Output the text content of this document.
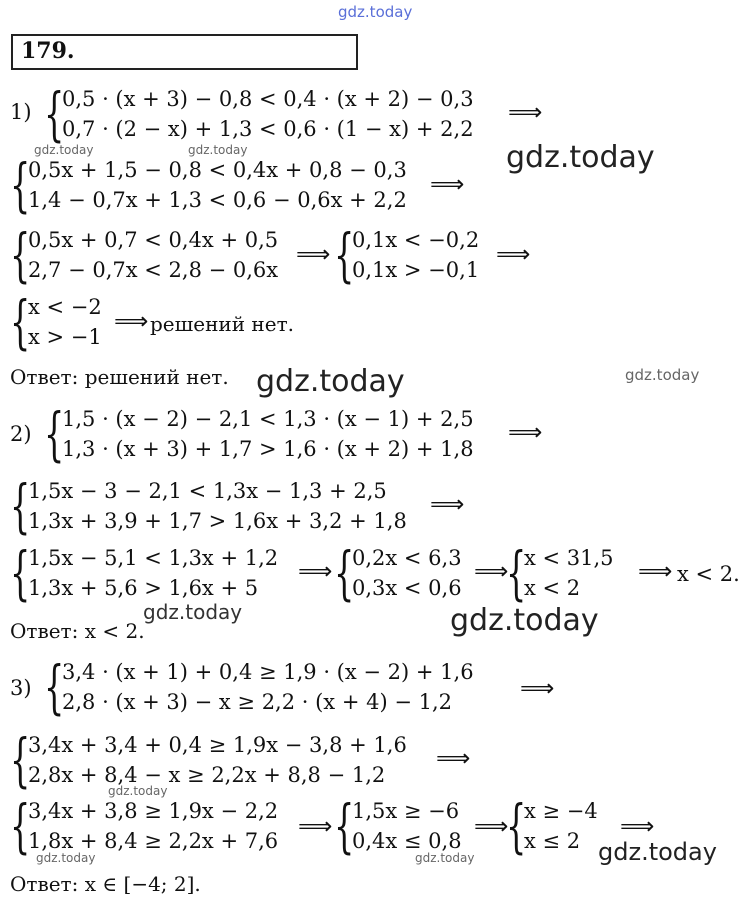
gdz.today
179.
1) {
0,5 · (x + 3) − 0,8 < 0,4 · (x + 2) − 0,3
0,7 · (2 − x) + 1,3 < 0,6 · (1 − x) + 2,2
⟹
gdz.today	gdz.today	gdz.today
{
0,5x + 1,5 − 0,8 < 0,4x + 0,8 − 0,3
1,4 − 0,7x + 1,3 < 0,6 − 0,6x + 2,2
⟹
{
0,5x + 0,7 < 0,4x + 0,5
2,7 − 0,7x < 2,8 − 0,6x
⟹ {
0,1x < −0,2
0,1x > −0,1
⟹
{
x < −2
x > −1
⟹ решений нет.
Ответ: решений нет. gdz.today	gdz.today
2) {
1,5 · (x − 2) − 2,1 < 1,3 · (x − 1) + 2,5
1,3 · (x + 3) + 1,7 > 1,6 · (x + 2) + 1,8
⟹
{
1,5x − 3 − 2,1 < 1,3x − 1,3 + 2,5
1,3x + 3,9 + 1,7 > 1,6x + 3,2 + 1,8
⟹
{
1,5x − 5,1 < 1,3x + 1,2
1,3x + 5,6 > 1,6x + 5
⟹ {
0,2x < 6,3
0,3x < 0,6
⟹
{
x < 31,5
x < 2
⟹ x < 2.
gdz.today
Ответ: x < 2.	gdz.today
3) {
3,4 · (x + 1) + 0,4 ≥ 1,9 · (x − 2) + 1,6
2,8 · (x + 3) − x ≥ 2,2 · (x + 4) − 1,2	⟹
{
3,4x + 3,4 + 0,4 ≥ 1,9x − 3,8 + 1,6
2,8x + 8,4 − x ≥ 2,2x + 8,8 − 1,2
⟹
gdz.today
{
3,4x + 3,8 ≥ 1,9x − 2,2
1,8x + 8,4 ≥ 2,2x + 7,6
⟹ {
1,5x ≥ −6
0,4x ≤ 0,8
⟹
{
x ≥ −4
x ≤ 2
⟹
gdz.today
gdz.today	gdz.today
Ответ: x ∈ [−4; 2].
